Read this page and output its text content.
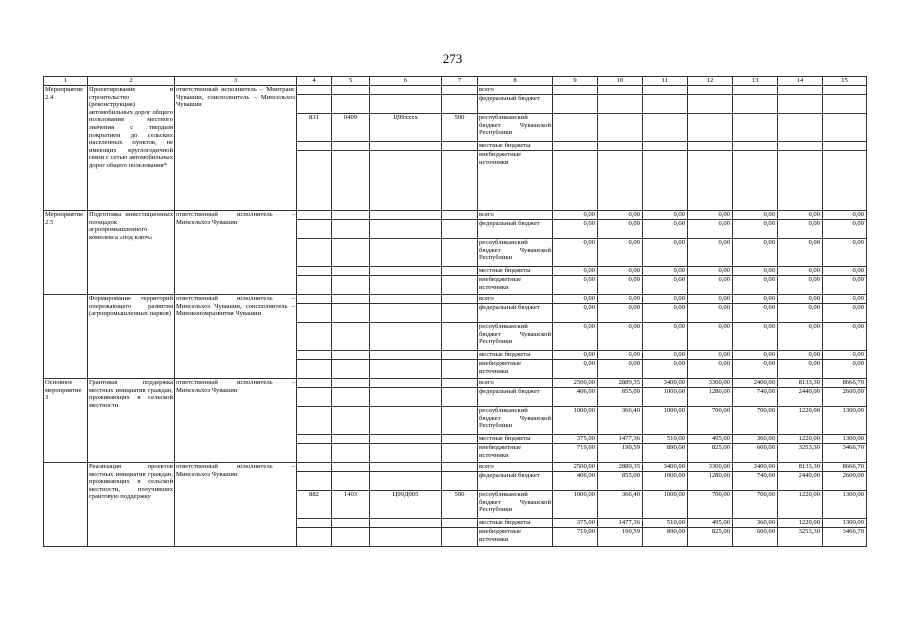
273
1	2	3	4	5	6	7	8	9	10	11	12	13	14	15
Мероприятие 2.4	Проектирование и строительство (реконструкция) автомобильных дорог общего пользования местного значения с твердым покрытием до сельских населенных пунктов, не имеющих круглогодичной связи с сетью автомобильных дорог общего пользования*	ответственный исполнитель – Минтранс Чувашии, соисполнитель – Минсельхоз Чувашии					всего							
							федеральный бюджет							
			831	0409	Ц99xxxx	500	республиканский бюджет Чувашской Республики							
							местные бюджеты							
							внебюджетные источники							
Мероприятие 2.5	Подготовка инвестиционных площадок агропромышленного комплекса «под ключ»	ответственный исполнитель – Минсельхоз Чувашии					всего	0,00	0,00	0,00	0,00	0,00	0,00	0,00
							федеральный бюджет	0,00	0,00	0,00	0,00	0,00	0,00	0,00
							республиканский бюджет Чувашской Республики	0,00	0,00	0,00	0,00	0,00	0,00	0,00
							местные бюджеты	0,00	0,00	0,00	0,00	0,00	0,00	0,00
							внебюджетные источники	0,00	0,00	0,00	0,00	0,00	0,00	0,00
	Формирование территорий опережающего развития (агропромышленных парков)	ответственный исполнитель – Минсельхоз Чувашии, соисполнитель – Минэкономразвития Чувашии					всего	0,00	0,00	0,00	0,00	0,00	0,00	0,00
							федеральный бюджет	0,00	0,00	0,00	0,00	0,00	0,00	0,00
							республиканский бюджет Чувашской Республики	0,00	0,00	0,00	0,00	0,00	0,00	0,00
							местные бюджеты	0,00	0,00	0,00	0,00	0,00	0,00	0,00
							внебюджетные источники	0,00	0,00	0,00	0,00	0,00	0,00	0,00
Основное мероприятие 3	Грантовая поддержка местных инициатив граждан, проживающих в сельской местности	ответственный исполнитель – Минсельхоз Чувашии					всего	2500,00	2889,35	3400,00	3300,00	2400,00	8133,30	8666,70
							федеральный бюджет	406,00	855,00	1000,00	1280,00	740,00	2440,00	2600,00
							республиканский бюджет Чувашской Республики	1000,00	366,40	1000,00	700,00	700,00	1220,00	1300,00
							местные бюджеты	375,00	1477,36	510,00	495,00	360,00	1220,00	1300,00
							внебюджетные источники	719,00	190,59	890,00	825,00	600,00	3253,30	3466,70
	Реализация проектов местных инициатив граждан, проживающих в сельской местности, получивших грантовую поддержку	ответственный исполнитель – Минсельхоз Чувашии					всего	2500,00	2889,35	3400,00	3300,00	2400,00	8133,30	8666,70
							федеральный бюджет	406,00	855,00	1000,00	1280,00	740,00	2440,00	2600,00
			882	1403	Ц99Д005	500	республиканский бюджет Чувашской Республики	1000,00	366,40	1000,00	700,00	700,00	1220,00	1300,00
							местные бюджеты	375,00	1477,36	510,00	495,00	360,00	1220,00	1300,00
							внебюджетные источники	719,00	190,59	890,00	825,00	600,00	3253,30	3466,70
